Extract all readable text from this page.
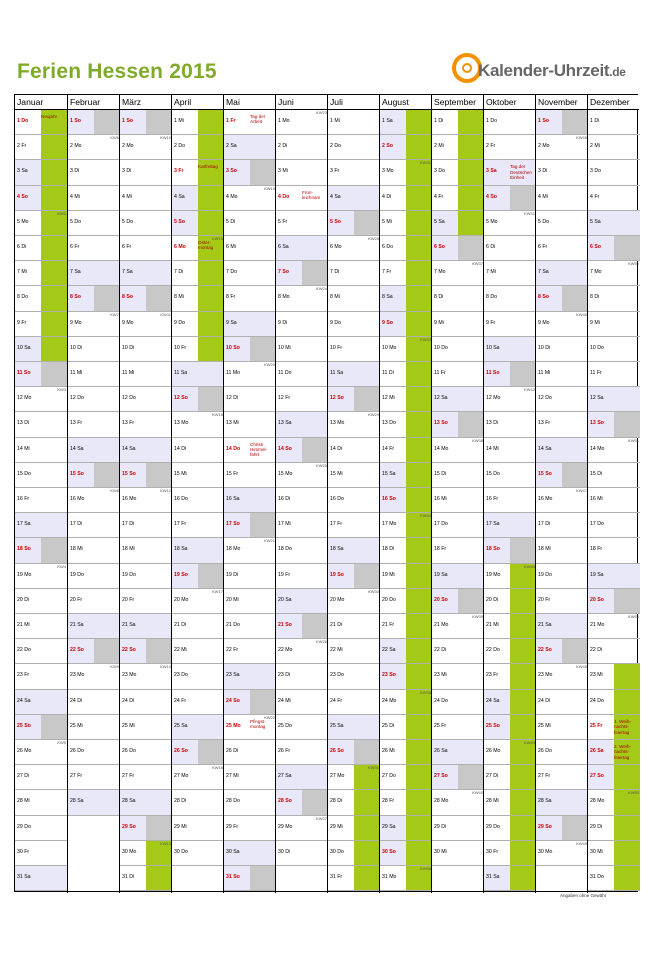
Ferien Hessen 2015	Kalender-Uhrzeit.de
Januar
1 Do
Neujahr
2 Fr
3 Sa
4 So
5 Mo
KW2
6 Di
7 Mi
8 Do
9 Fr
10 Sa
11 So
12 Mo
KW3
13 Di
14 Mi
15 Do
16 Fr
17 Sa
18 So
19 Mo
KW4
20 Di
21 Mi
22 Do
23 Fr
24 Sa
25 So
26 Mo
KW5
27 Di
28 Mi
29 Do
30 Fr
31 Sa
Februar
1 So
2 Mo
KW6
3 Di
4 Mi
5 Do
6 Fr
7 Sa
8 So
9 Mo
KW7
10 Di
11 Mi
12 Do
13 Fr
14 Sa
15 So
16 Mo
KW8
17 Di
18 Mi
19 Do
20 Fr
21 Sa
22 So
23 Mo
KW9
24 Di
25 Mi
26 Do
27 Fr
28 Sa
März
1 So
2 Mo
KW10
3 Di
4 Mi
5 Do
6 Fr
7 Sa
8 So
9 Mo
KW11
10 Di
11 Mi
12 Do
13 Fr
14 Sa
15 So
16 Mo
KW12
17 Di
18 Mi
19 Do
20 Fr
21 Sa
22 So
23 Mo
KW13
24 Di
25 Mi
26 Do
27 Fr
28 Sa
29 So
30 Mo
KW14
31 Di
April
1 Mi
2 Do
3 Fr
Karfreitag
4 Sa
5 So
6 Mo
Oster-montag
KW15
7 Di
8 Mi
9 Do
10 Fr
11 Sa
12 So
13 Mo
KW16
14 Di
15 Mi
16 Do
17 Fr
18 Sa
19 So
20 Mo
KW17
21 Di
22 Mi
23 Do
24 Fr
25 Sa
26 So
27 Mo
KW18
28 Di
29 Mi
30 Do
Mai
1 Fr
Tag der Arbeit
2 Sa
3 So
4 Mo
KW19
5 Di
6 Mi
7 Do
8 Fr
9 Sa
10 So
11 Mo
KW20
12 Di
13 Mi
14 Do
Christi Himmel-fahrt
15 Fr
16 Sa
17 So
18 Mo
KW21
19 Di
20 Mi
21 Do
22 Fr
23 Sa
24 So
25 Mo
Pfingst-montag
KW22
26 Di
27 Mi
28 Do
29 Fr
30 Sa
31 So
Juni
1 Mo
KW23
2 Di
3 Mi
4 Do
Fron-leichnam
5 Fr
6 Sa
7 So
8 Mo
KW24
9 Di
10 Mi
11 Do
12 Fr
13 Sa
14 So
15 Mo
KW25
16 Di
17 Mi
18 Do
19 Fr
20 Sa
21 So
22 Mo
KW26
23 Di
24 Mi
25 Do
26 Fr
27 Sa
28 So
29 Mo
KW27
30 Di
Juli
1 Mi
2 Do
3 Fr
4 Sa
5 So
6 Mo
KW28
7 Di
8 Mi
9 Do
10 Fr
11 Sa
12 So
13 Mo
KW29
14 Di
15 Mi
16 Do
17 Fr
18 Sa
19 So
20 Mo
KW30
21 Di
22 Mi
23 Do
24 Fr
25 Sa
26 So
27 Mo
KW31
28 Di
29 Mi
30 Do
31 Fr
August
1 Sa
2 So
3 Mo
KW32
4 Di
5 Mi
6 Do
7 Fr
8 Sa
9 So
10 Mo
KW33
11 Di
12 Mi
13 Do
14 Fr
15 Sa
16 So
17 Mo
KW34
18 Di
19 Mi
20 Do
21 Fr
22 Sa
23 So
24 Mo
KW35
25 Di
26 Mi
27 Do
28 Fr
29 Sa
30 So
31 Mo
KW36
September
1 Di
2 Mi
3 Do
4 Fr
5 Sa
6 So
7 Mo
KW37
8 Di
9 Mi
10 Do
11 Fr
12 Sa
13 So
14 Mo
KW38
15 Di
16 Mi
17 Do
18 Fr
19 Sa
20 So
21 Mo
KW39
22 Di
23 Mi
24 Do
25 Fr
26 Sa
27 So
28 Mo
KW40
29 Di
30 Mi
Oktober
1 Do
2 Fr
3 Sa
Tag der Deutschen Einheit
4 So
5 Mo
KW41
6 Di
7 Mi
8 Do
9 Fr
10 Sa
11 So
12 Mo
KW42
13 Di
14 Mi
15 Do
16 Fr
17 Sa
18 So
19 Mo
KW43
20 Di
21 Mi
22 Do
23 Fr
24 Sa
25 So
26 Mo
KW44
27 Di
28 Mi
29 Do
30 Fr
31 Sa
November
1 So
2 Mo
KW45
3 Di
4 Mi
5 Do
6 Fr
7 Sa
8 So
9 Mo
KW46
10 Di
11 Mi
12 Do
13 Fr
14 Sa
15 So
16 Mo
KW47
17 Di
18 Mi
19 Do
20 Fr
21 Sa
22 So
23 Mo
KW48
24 Di
25 Mi
26 Do
27 Fr
28 Sa
29 So
30 Mo
KW49
Dezember
1 Di
2 Mi
3 Do
4 Fr
5 Sa
6 So
7 Mo
KW50
8 Di
9 Mi
10 Do
11 Fr
12 Sa
13 So
14 Mo
KW51
15 Di
16 Mi
17 Do
18 Fr
19 Sa
20 So
21 Mo
KW52
22 Di
23 Mi
24 Do
25 Fr
1. Weih-nachts-feiertag
26 Sa
2. Weih-nachts-feiertag
27 So
28 Mo
KW53
29 Di
30 Mi
31 Do
Angaben ohne Gewähr
